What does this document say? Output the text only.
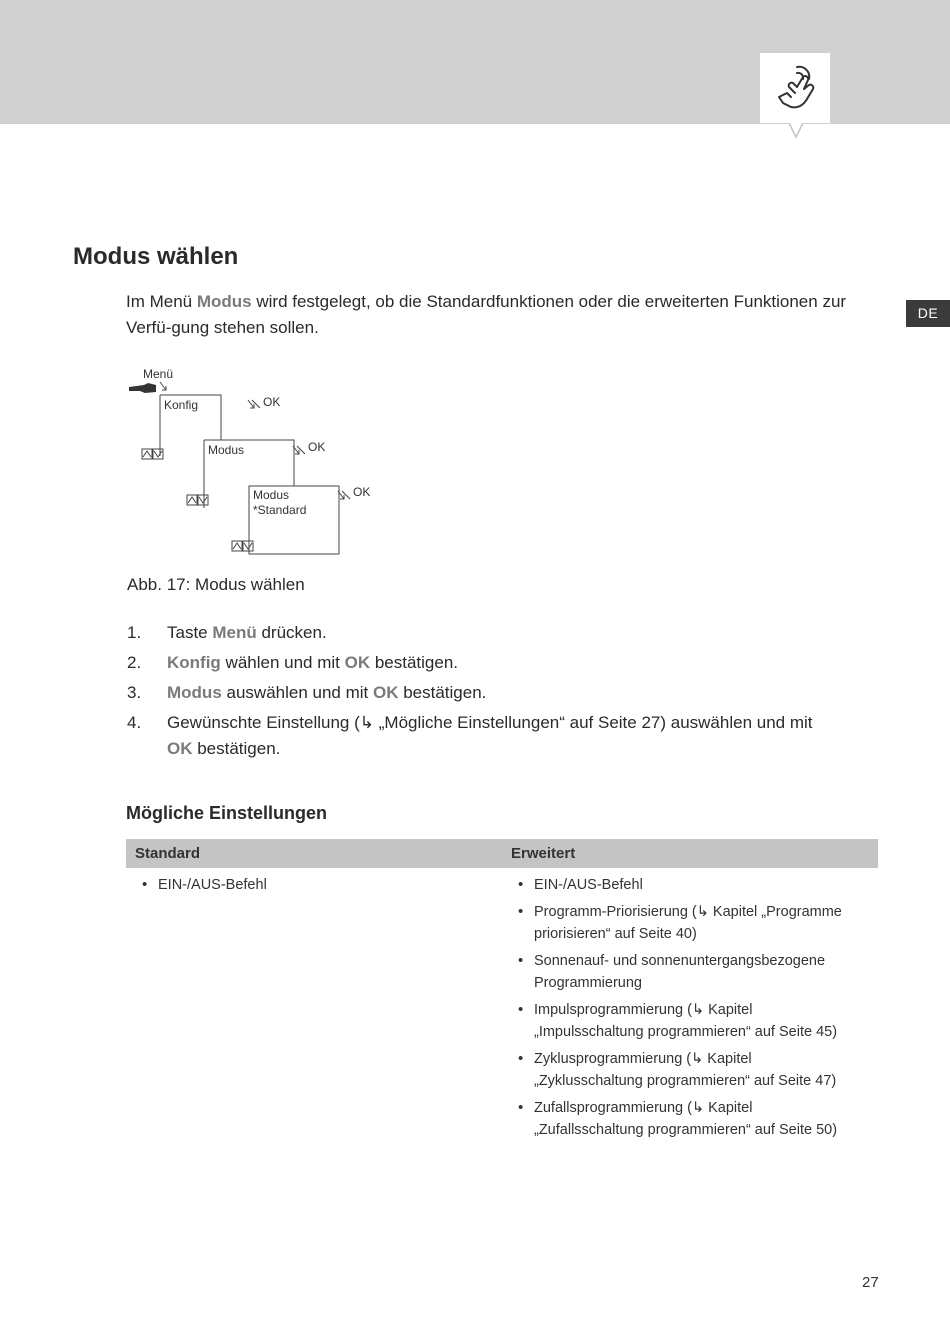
DE
Modus wählen

Im Menü Modus wird festgelegt, ob die Standardfunktionen oder die erweiterten Funktionen zur Verfü-gung stehen sollen.

Menü
Konfig	OK
Modus	OK
Modus
*Standard
OK
Abb. 17: Modus wählen
1. Taste Menü drücken.
2. Konfig wählen und mit OK bestätigen.
3. Modus auswählen und mit OK bestätigen.
4. Gewünschte Einstellung (↳ „Mögliche Einstellungen“ auf Seite 27) auswählen und mit OK bestätigen.
Mögliche Einstellungen
Standard	Erweitert
• EIN-/AUS-Befehl
•	EIN-/AUS-Befehl
• Programm-Priorisierung (↳ Kapitel „Programme priorisieren“ auf Seite 40)
• Sonnenauf- und sonnenuntergangsbezogene Programmierung
• Impulsprogrammierung (↳ Kapitel „Impulsschaltung programmieren“ auf Seite 45)
• Zyklusprogrammierung (↳ Kapitel „Zyklusschaltung programmieren“ auf Seite 47)
• Zufallsprogrammierung (↳ Kapitel „Zufallsschaltung programmieren“ auf Seite 50)
27
